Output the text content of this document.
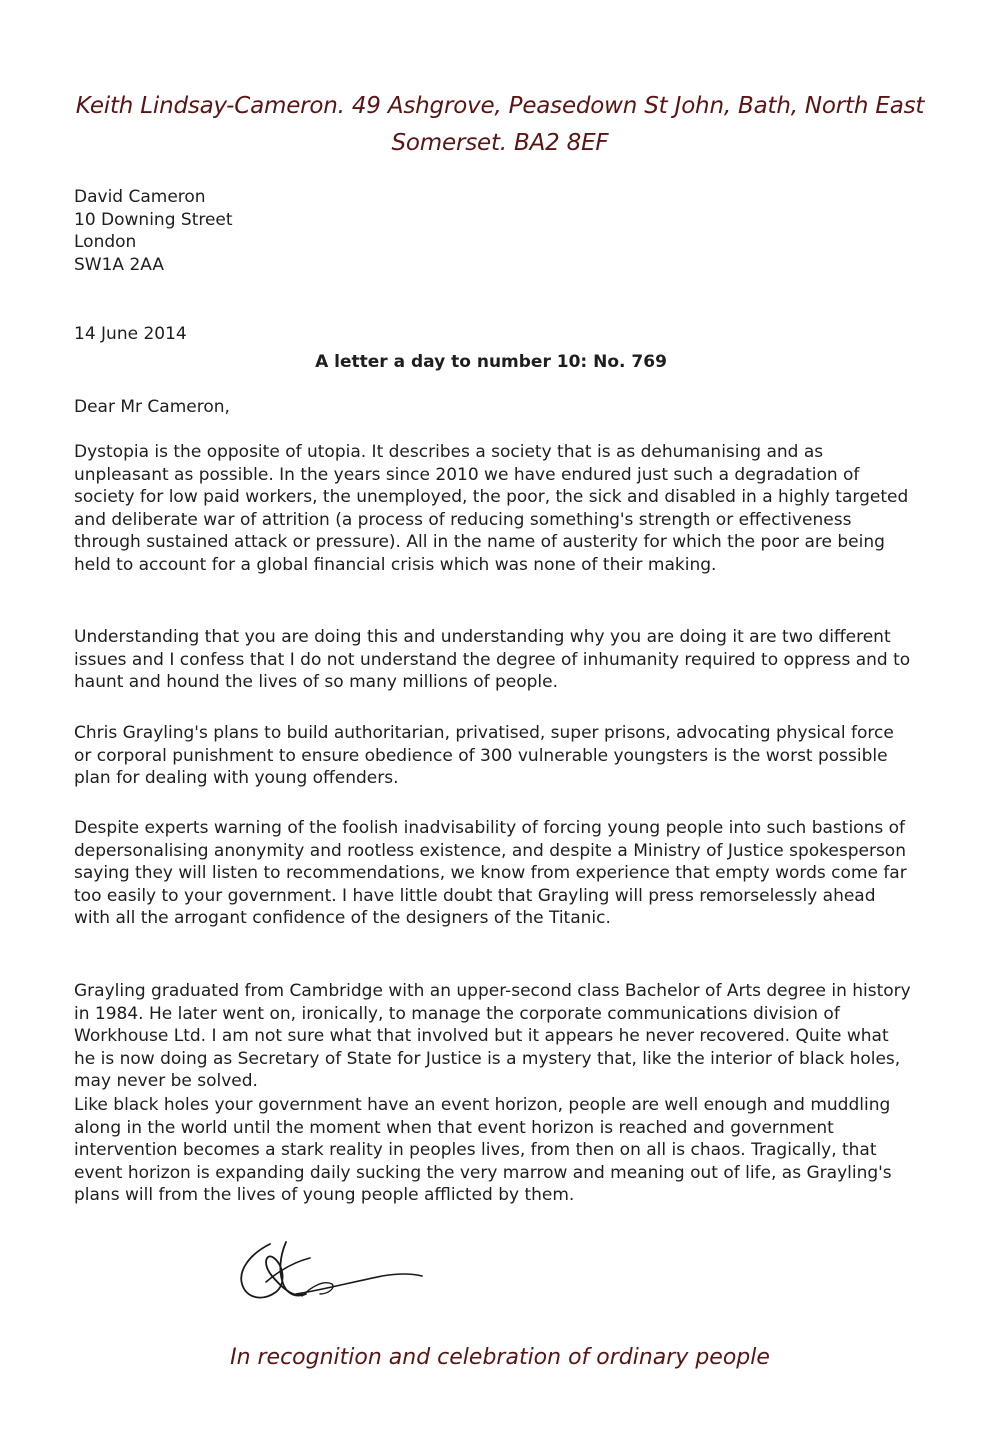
Keith Lindsay-Cameron. 49 Ashgrove, Peasedown St John, Bath, North East
Somerset. BA2 8EF
David Cameron
10 Downing Street
London
SW1A 2AA
14 June 2014
A letter a day to number 10: No. 769
Dear Mr Cameron,

Dystopia is the opposite of utopia. It describes a society that is as dehumanising and as unpleasant as possible. In the years since 2010 we have endured just such a degradation of society for low paid workers, the unemployed, the poor, the sick and disabled in a highly targeted and deliberate war of attrition (a process of reducing something's strength or effectiveness through sustained attack or pressure). All in the name of austerity for which the poor are being held to account for a global financial crisis which was none of their making.

Understanding that you are doing this and understanding why you are doing it are two different issues and I confess that I do not understand the degree of inhumanity required to oppress and to haunt and hound the lives of so many millions of people.

Chris Grayling's plans to build authoritarian, privatised, super prisons, advocating physical force or corporal punishment to ensure obedience of 300 vulnerable youngsters is the worst possible plan for dealing with young offenders.

Despite experts warning of the foolish inadvisability of forcing young people into such bastions of depersonalising anonymity and rootless existence, and despite a Ministry of Justice spokesperson saying they will listen to recommendations, we know from experience that empty words come far too easily to your government. I have little doubt that Grayling will press remorselessly ahead with all the arrogant confidence of the designers of the Titanic.

Grayling graduated from Cambridge with an upper-second class Bachelor of Arts degree in history in 1984. He later went on, ironically, to manage the corporate communications division of Workhouse Ltd. I am not sure what that involved but it appears he never recovered. Quite what he is now doing as Secretary of State for Justice is a mystery that, like the interior of black holes, may never be solved.

Like black holes your government have an event horizon, people are well enough and muddling along in the world until the moment when that event horizon is reached and government intervention becomes a stark reality in peoples lives, from then on all is chaos. Tragically, that event horizon is expanding daily sucking the very marrow and meaning out of life, as Grayling's plans will from the lives of young people afflicted by them.

In recognition and celebration of ordinary people
